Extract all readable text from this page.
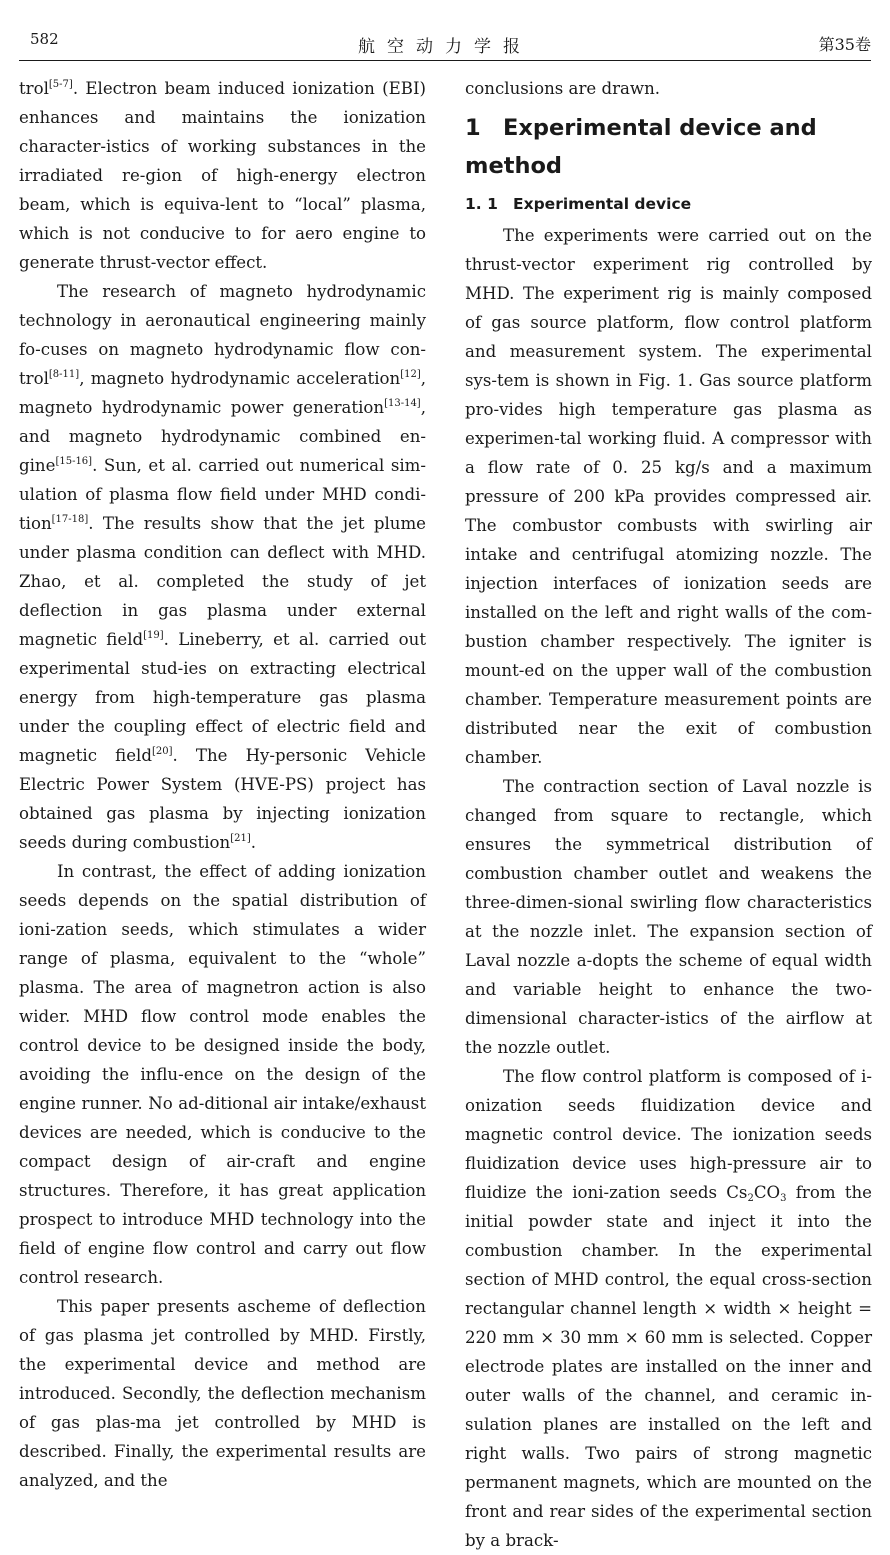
582	航空动力学报	第35卷

trol[5-7]. Electron beam induced ionization (EBI) enhances and maintains the ionization character-istics of working substances in the irradiated re-gion of high-energy electron beam, which is equiva-lent to “local” plasma, which is not conducive to for aero engine to generate thrust-vector effect.

The research of magneto hydrodynamic technology in aeronautical engineering mainly fo-cuses on magneto hydrodynamic flow con-trol[8-11], magneto hydrodynamic acceleration[12], magneto hydrodynamic power generation[13-14], and magneto hydrodynamic combined en-gine[15-16]. Sun, et al. carried out numerical sim-ulation of plasma flow field under MHD condi-tion[17-18]. The results show that the jet plume under plasma condition can deflect with MHD. Zhao, et al. completed the study of jet deflection in gas plasma under external magnetic field[19]. Lineberry, et al. carried out experimental stud-ies on extracting electrical energy from high-temperature gas plasma under the coupling effect of electric field and magnetic field[20]. The Hy-personic Vehicle Electric Power System (HVE-PS) project has obtained gas plasma by injecting ionization seeds during combustion[21].

In contrast, the effect of adding ionization seeds depends on the spatial distribution of ioni-zation seeds, which stimulates a wider range of plasma, equivalent to the “whole” plasma. The area of magnetron action is also wider. MHD flow control mode enables the control device to be designed inside the body, avoiding the influ-ence on the design of the engine runner. No ad-ditional air intake/exhaust devices are needed, which is conducive to the compact design of air-craft and engine structures. Therefore, it has great application prospect to introduce MHD technology into the field of engine flow control and carry out flow control research.

This paper presents ascheme of deflection of gas plasma jet controlled by MHD. Firstly, the experimental device and method are introduced. Secondly, the deflection mechanism of gas plas-ma jet controlled by MHD is described. Finally, the experimental results are analyzed, and the

conclusions are drawn.

1 Experimental device and method
1. 1 Experimental device

The experiments were carried out on the thrust-vector experiment rig controlled by MHD. The experiment rig is mainly composed of gas source platform, flow control platform and measurement system. The experimental sys-tem is shown in Fig. 1. Gas source platform pro-vides high temperature gas plasma as experimen-tal working fluid. A compressor with a flow rate of 0. 25 kg/s and a maximum pressure of 200 kPa provides compressed air. The combustor combusts with swirling air intake and centrifugal atomizing nozzle. The injection interfaces of ionization seeds are installed on the left and right walls of the com-bustion chamber respectively. The igniter is mount-ed on the upper wall of the combustion chamber. Temperature measurement points are distributed near the exit of combustion chamber.

The contraction section of Laval nozzle is changed from square to rectangle, which ensures the symmetrical distribution of combustion chamber outlet and weakens the three-dimen-sional swirling flow characteristics at the nozzle inlet. The expansion section of Laval nozzle a-dopts the scheme of equal width and variable height to enhance the two-dimensional character-istics of the airflow at the nozzle outlet.

The flow control platform is composed of i-onization seeds fluidization device and magnetic control device. The ionization seeds fluidization device uses high-pressure air to fluidize the ioni-zation seeds $Cs_2CO_3$ from the initial powder state and inject it into the combustion chamber. In the experimental section of MHD control, the equal cross-section rectangular channel length × width × height = 220 mm × 30 mm × 60 mm is selected. Copper electrode plates are installed on the inner and outer walls of the channel, and ceramic in-sulation planes are installed on the left and right walls. Two pairs of strong magnetic permanent magnets, which are mounted on the front and rear sides of the experimental section by a brack-
